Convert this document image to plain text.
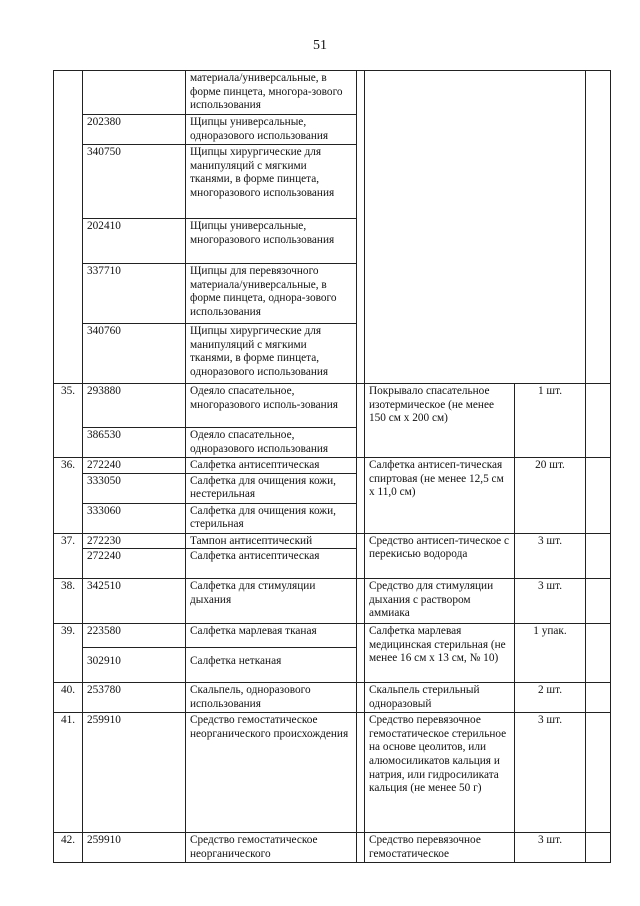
51
		материала/универсальные, в форме пинцета, многора-зового использования				
	202380	Щипцы универсальные, одноразового использования				
	340750	Щипцы хирургические для манипуляций с мягкими тканями, в форме пинцета, многоразового использования				
	202410	Щипцы универсальные, многоразового использования				
	337710	Щипцы для перевязочного материала/универсальные, в форме пинцета, однора-зового использования				
	340760	Щипцы хирургические для манипуляций с мягкими тканями, в форме пинцета, одноразового использования				
35.	293880	Одеяло спасательное, многоразового исполь-зования		Покрывало спасательное изотермическое (не менее 150 см х 200 см)	1 шт.	
	386530	Одеяло спасательное, одноразового использования				
36.	272240	Салфетка антисептическая		Салфетка антисеп-тическая спиртовая (не менее 12,5 см х 11,0 см)	20 шт.	
	333050	Салфетка для очищения кожи, нестерильная				
	333060	Салфетка для очищения кожи, стерильная				
37.	272230	Тампон антисептический		Средство антисеп-тическое с перекисью водорода	3 шт.	
	272240	Салфетка антисептическая				
38.	342510	Салфетка для стимуляции дыхания		Средство для стимуляции дыхания с раствором аммиака	3 шт.	
39.	223580	Салфетка марлевая тканая		Салфетка марлевая медицинская стерильная (не менее 16 см х 13 см, № 10)	1 упак.	
	302910	Салфетка нетканая				
40.	253780	Скальпель, одноразового использования		Скальпель стерильный одноразовый	2 шт.	
41.	259910	Средство гемостатическое неорганического происхождения		Средство перевязочное гемостатическое стерильное на основе цеолитов, или алюмосиликатов кальция и натрия, или гидросиликата кальция (не менее 50 г)	3 шт.	
42.	259910	Средство гемостатическое неорганического		Средство перевязочное гемостатическое	3 шт.	
